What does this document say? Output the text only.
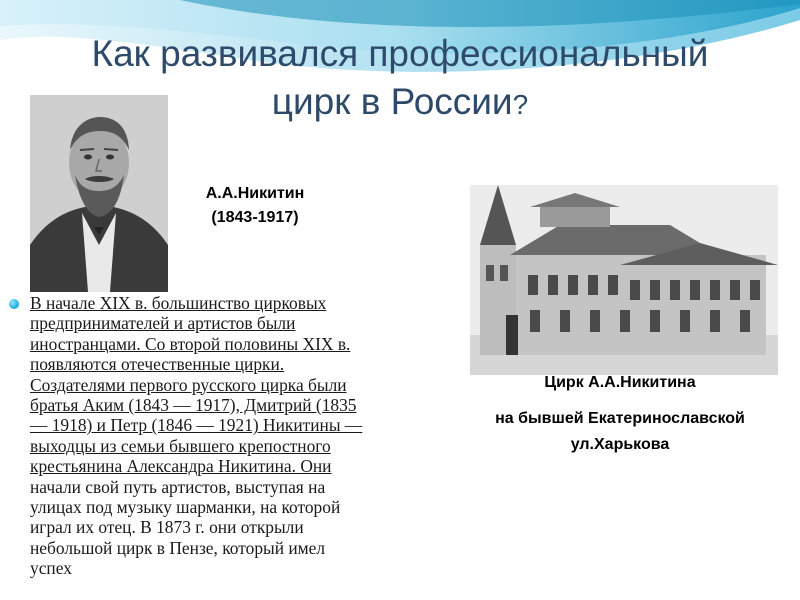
Как развивался профессиональный
цирк в России?

А.А.Никитин
(1843-1917)

Цирк А.А.Никитина
на бывшей Екатеринославской
ул.Харькова

В начале XIX в. большинство цирковых
предпринимателей и артистов были
иностранцами. Со второй половины XIX в.
появляются отечественные цирки.
Создателями первого русского цирка были
братья Аким (1843 — 1917), Дмитрий (1835
— 1918) и Петр (1846 — 1921) Никитины —
выходцы из семьи бывшего крепостного
крестьянина Александра Никитина. Они
начали свой путь артистов, выступая на
улицах под музыку шарманки, на которой
играл их отец. В 1873 г. они открыли
небольшой цирк в Пензе, который имел
успех
